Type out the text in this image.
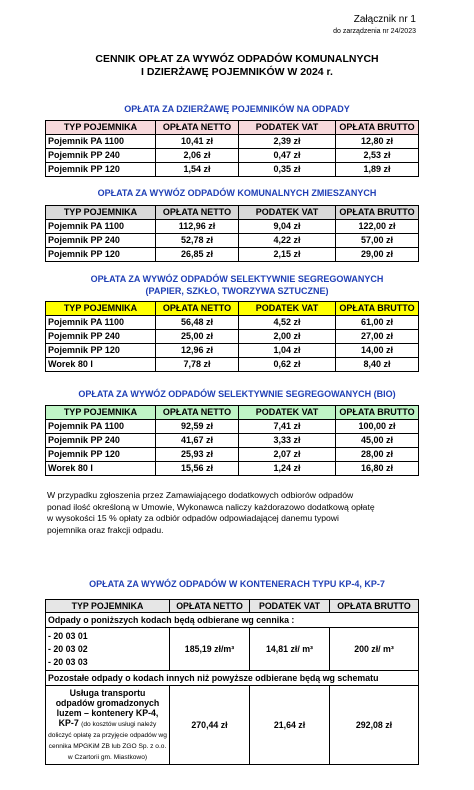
Załącznik nr 1
do zarządzenia nr 24/2023
CENNIK OPŁAT ZA WYWÓZ ODPADÓW KOMUNALNYCH
I DZIERŻAWĘ POJEMNIKÓW W 2024 r.
OPŁATA ZA DZIERŻAWĘ POJEMNIKÓW NA ODPADY
TYP POJEMNIKA	OPŁATA NETTO	PODATEK VAT	OPŁATA BRUTTO
Pojemnik PA 1100	10,41 zł	2,39 zł	12,80 zł
Pojemnik PP 240	2,06 zł	0,47 zł	2,53 zł
Pojemnik PP 120	1,54 zł	0,35 zł	1,89 zł
OPŁATA ZA WYWÓZ ODPADÓW KOMUNALNYCH ZMIESZANYCH
TYP POJEMNIKA	OPŁATA NETTO	PODATEK VAT	OPŁATA BRUTTO
Pojemnik PA 1100	112,96 zł	9,04 zł	122,00 zł
Pojemnik PP 240	52,78 zł	4,22 zł	57,00 zł
Pojemnik PP 120	26,85 zł	2,15 zł	29,00 zł
OPŁATA ZA WYWÓZ ODPADÓW SELEKTYWNIE SEGREGOWANYCH
(PAPIER, SZKŁO, TWORZYWA SZTUCZNE)
TYP POJEMNIKA	OPŁATA NETTO	PODATEK VAT	OPŁATA BRUTTO
Pojemnik PA 1100	56,48 zł	4,52 zł	61,00 zł
Pojemnik PP 240	25,00 zł	2,00 zł	27,00 zł
Pojemnik PP 120	12,96 zł	1,04 zł	14,00 zł
Worek 80 l	7,78 zł	0,62 zł	8,40 zł
OPŁATA ZA WYWÓZ ODPADÓW SELEKTYWNIE SEGREGOWANYCH (BIO)
TYP POJEMNIKA	OPŁATA NETTO	PODATEK VAT	OPŁATA BRUTTO
Pojemnik PA 1100	92,59 zł	7,41 zł	100,00 zł
Pojemnik PP 240	41,67 zł	3,33 zł	45,00 zł
Pojemnik PP 120	25,93 zł	2,07 zł	28,00 zł
Worek 80 l	15,56 zł	1,24 zł	16,80 zł
W przypadku zgłoszenia przez Zamawiającego dodatkowych odbiorów odpadów
ponad ilość określoną w Umowie, Wykonawca naliczy każdorazowo dodatkową opłatę
w wysokości 15 % opłaty za odbiór odpadów odpowiadającej danemu typowi
pojemnika oraz frakcji odpadu.
OPŁATA ZA WYWÓZ ODPADÓW W KONTENERACH TYPU KP-4, KP-7
TYP POJEMNIKA	OPŁATA NETTO	PODATEK VAT	OPŁATA BRUTTO
Odpady o poniższych kodach będą odbierane wg cennika :			

- 20 03 01
- 20 03 02
- 20 03 03	185,19 zł/m³	14,81 zł/ m³	200 zł/ m³
Pozostałe odpady o kodach innych niż powyższe odbierane będą wg schematu			

Usługa transportu
odpadów gromadzonych
luzem – kontenery KP-4,
KP-7 (do kosztów usługi należy doliczyć opłatę za przyjęcie odpadów wg cennika MPGKiM ZB lub ZGO Sp. z o.o. w Czartorii gm. Miastkowo)	270,44 zł	21,64 zł	292,08 zł
